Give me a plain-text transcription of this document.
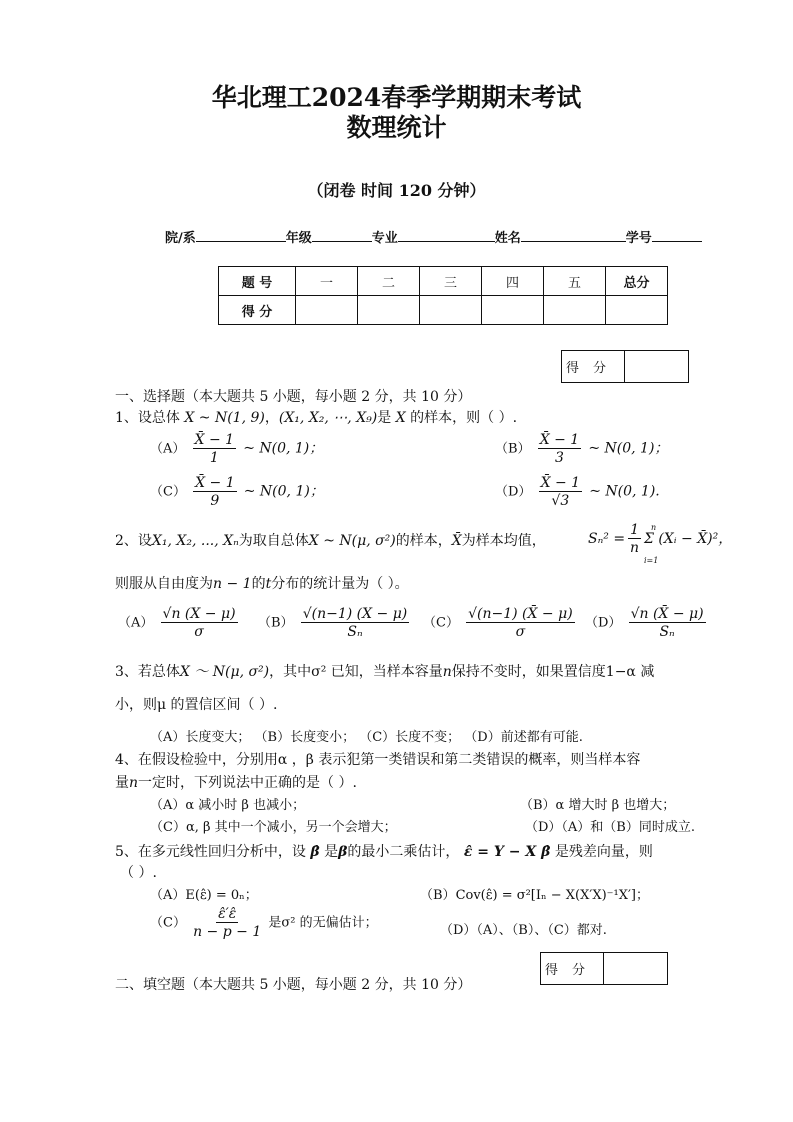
华北理工2024春季学期期末考试
数理统计
（闭卷 时间 120 分钟）
院/系	年级	专业	姓名	学号
题 号	一	二	三	四	五	总分
得 分						
得分
一、选择题（本大题共 5 小题，每小题 2 分，共 10 分）
1、设总体 X ~ N(1, 9)，(X₁, X₂, ⋯, X₉)是 X 的样本，则（ ）.
$(A) \frac{X̄ - 1}{1}$ ~ N(0, 1)；	$(B) \frac{X̄ - 1}{3}$ ~ N(0, 1)；
$(C) \frac{X̄ - 1}{9}$ ~ N(0, 1)；	$(D) \frac{X̄ - 1}{√3}$ ~ N(0, 1).
2、设X₁, X₂, ..., Xₙ为取自总体X ~ N(μ, σ²)的样本，X̄为样本均值，	$S_n^2 = \frac{1}{n}$ Σ (Xᵢ − X̄)²，
n
i=1
则服从自由度为n − 1的t分布的统计量为（ ）。
$(A) \frac{√n (X - \mu)}{\sigma} (B) \frac{√(n-1) (X - \mu)}{\text{Sₙ}} (C) \frac{√(n-1) (X̄ - \mu)}{\sigma} (D) \frac{√n (X̄ - \mu)}{\text{Sₙ}}$
3、若总体X ～ N(μ, σ²)，其中σ² 已知，当样本容量n保持不变时，如果置信度1−α 减
小，则μ 的置信区间（ ）.
（A）长度变大； （B）长度变小； （C）长度不变； （D）前述都有可能.
4、在假设检验中，分别用α ，β 表示犯第一类错误和第二类错误的概率，则当样本容
量n一定时，下列说法中正确的是（ ）.
（A）α 减小时 β 也减小；	（B）α 增大时 β 也增大；
（C）α, β 其中一个减小，另一个会增大；	（D）（A）和（B）同时成立.
5、在多元线性回归分析中，设 β̂ 是β的最小二乘估计， ε̂ = Y − X β̂ 是残差向量，则
（ ）.
（A）E(ε̂) = 0ₙ；	（B）Cov(ε̂) = σ²[Iₙ − X(X′X)⁻¹X′]；
$(C) \frac{\varepsilon̂'\varepsilon̂}{n - p - 1}$ 是σ² 的无偏估计；	（D）（A）、（B）、（C）都对.
得分
二、填空题（本大题共 5 小题，每小题 2 分，共 10 分）
